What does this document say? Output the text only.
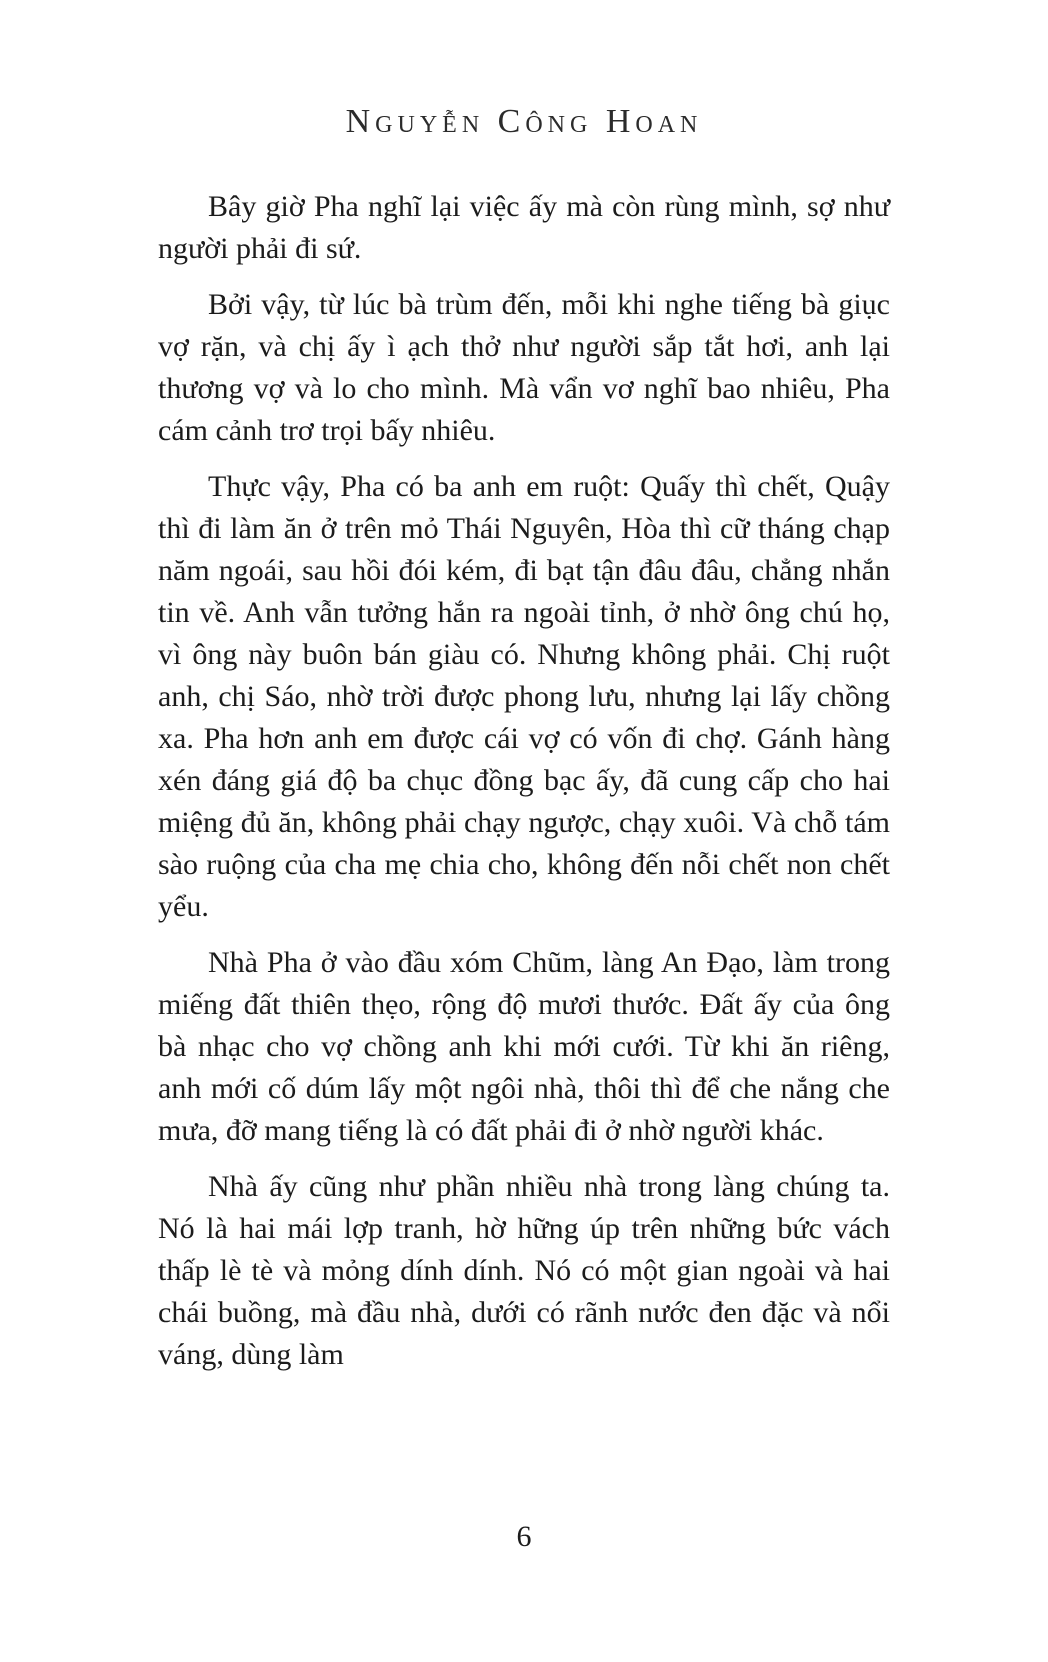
Nguyễn Công Hoan

Bây giờ Pha nghĩ lại việc ấy mà còn rùng mình, sợ như người phải đi sứ.

Bởi vậy, từ lúc bà trùm đến, mỗi khi nghe tiếng bà giục vợ rặn, và chị ấy ì ạch thở như người sắp tắt hơi, anh lại thương vợ và lo cho mình. Mà vẩn vơ nghĩ bao nhiêu, Pha cám cảnh trơ trọi bấy nhiêu.

Thực vậy, Pha có ba anh em ruột: Quấy thì chết, Quậy thì đi làm ăn ở trên mỏ Thái Nguyên, Hòa thì cữ tháng chạp năm ngoái, sau hồi đói kém, đi bạt tận đâu đâu, chẳng nhắn tin về. Anh vẫn tưởng hắn ra ngoài tỉnh, ở nhờ ông chú họ, vì ông này buôn bán giàu có. Nhưng không phải. Chị ruột anh, chị Sáo, nhờ trời được phong lưu, nhưng lại lấy chồng xa. Pha hơn anh em được cái vợ có vốn đi chợ. Gánh hàng xén đáng giá độ ba chục đồng bạc ấy, đã cung cấp cho hai miệng đủ ăn, không phải chạy ngược, chạy xuôi. Và chỗ tám sào ruộng của cha mẹ chia cho, không đến nỗi chết non chết yểu.

Nhà Pha ở vào đầu xóm Chũm, làng An Đạo, làm trong miếng đất thiên thẹo, rộng độ mươi thước. Đất ấy của ông bà nhạc cho vợ chồng anh khi mới cưới. Từ khi ăn riêng, anh mới cố dúm lấy một ngôi nhà, thôi thì để che nắng che mưa, đỡ mang tiếng là có đất phải đi ở nhờ người khác.

Nhà ấy cũng như phần nhiều nhà trong làng chúng ta. Nó là hai mái lợp tranh, hờ hững úp trên những bức vách thấp lè tè và mỏng dính dính. Nó có một gian ngoài và hai chái buồng, mà đầu nhà, dưới có rãnh nước đen đặc và nổi váng, dùng làm

6
